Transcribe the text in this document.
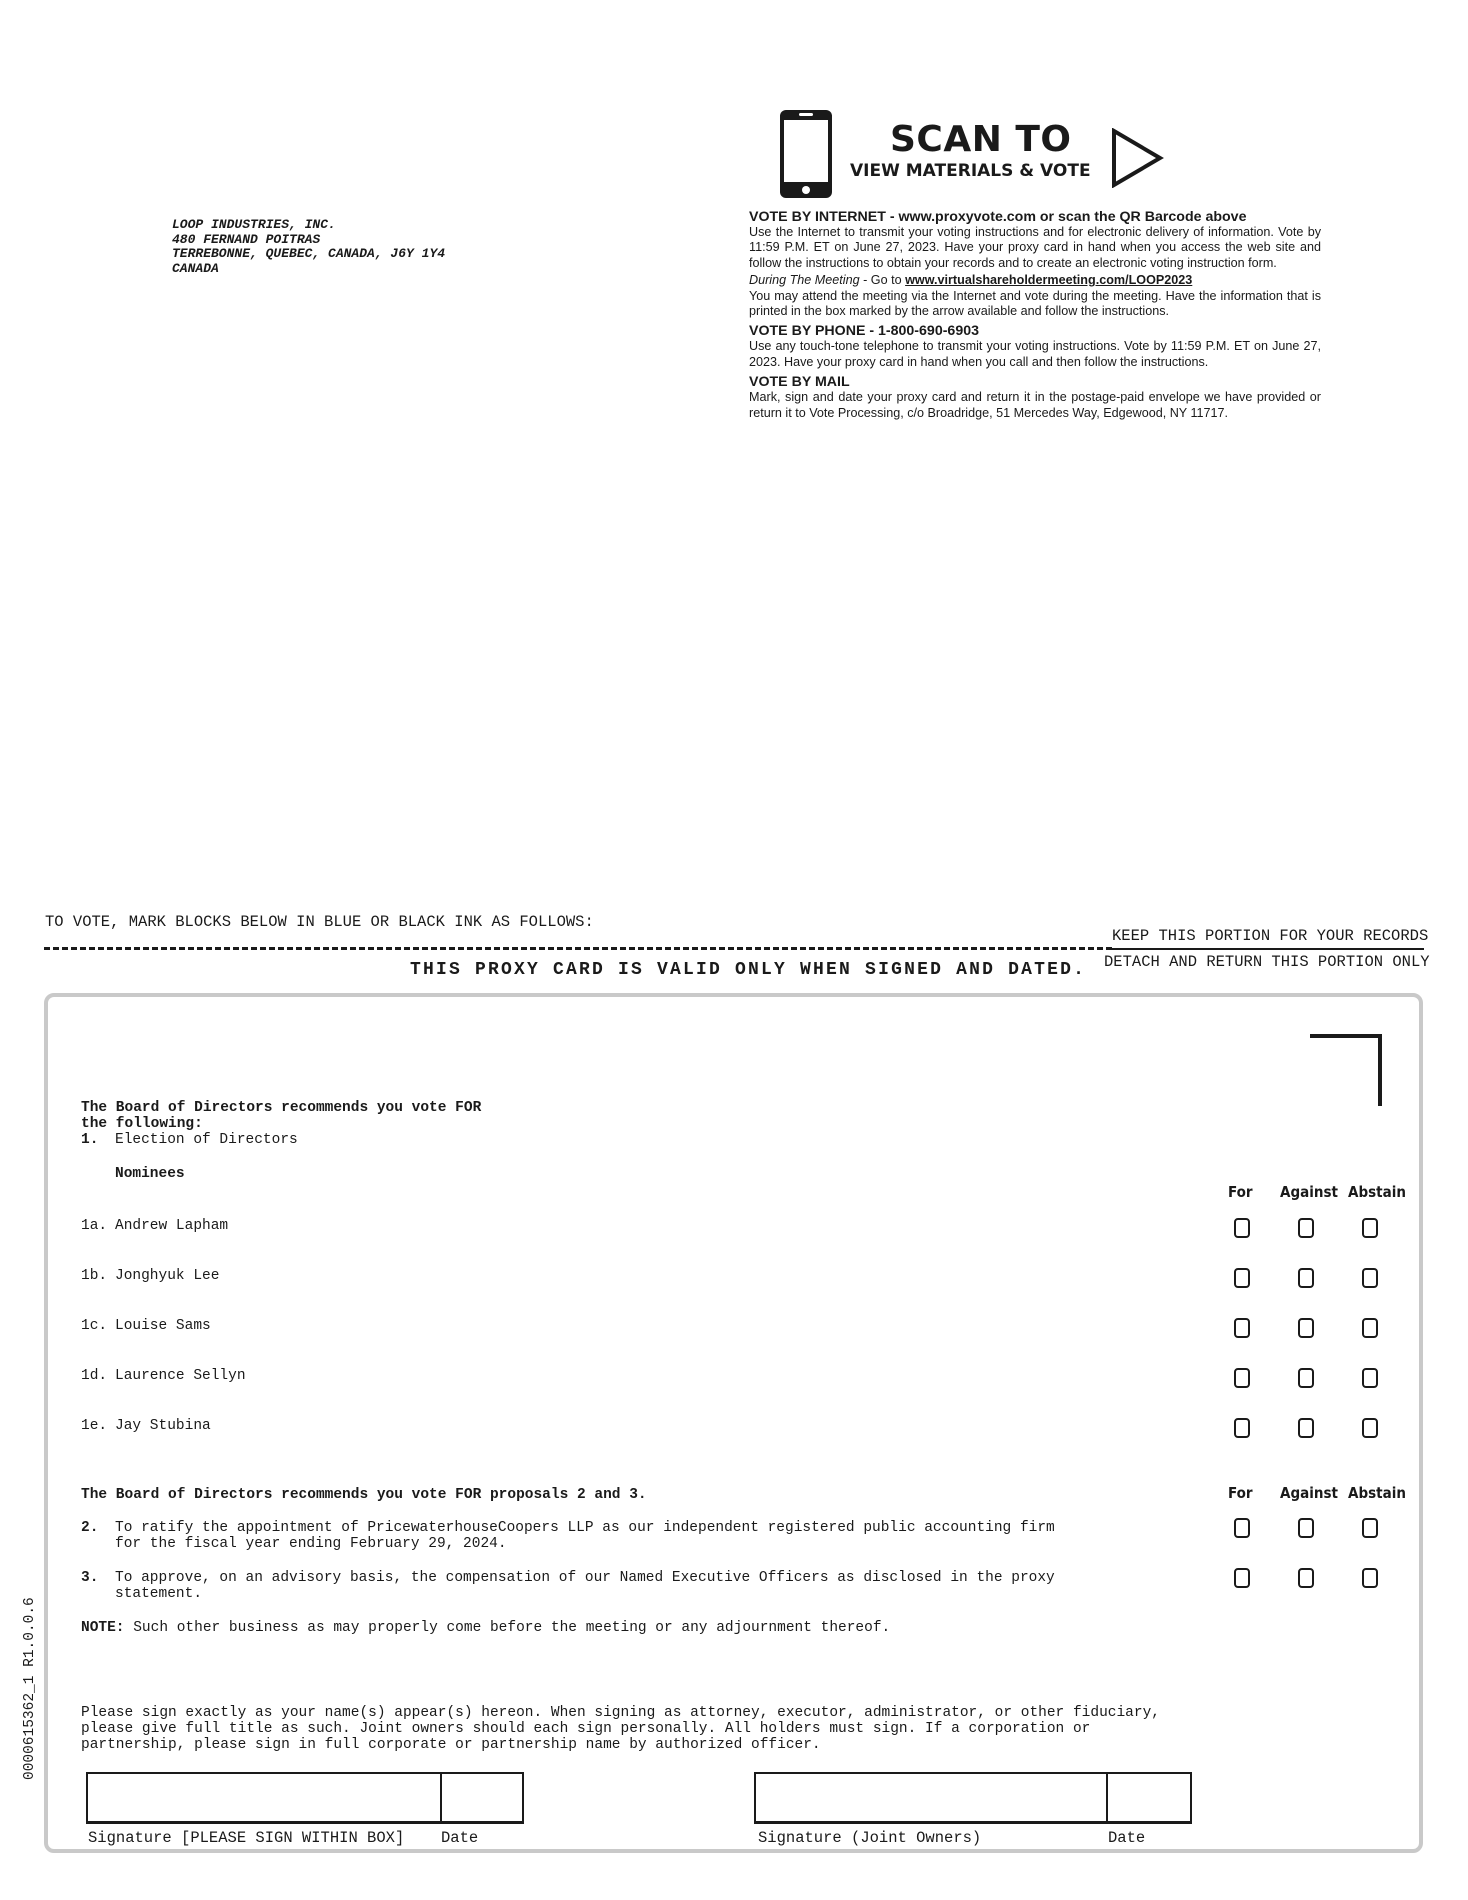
LOOP INDUSTRIES, INC.
480 FERNAND POITRAS
TERREBONNE, QUEBEC, CANADA, J6Y 1Y4
CANADA
SCAN TO
VIEW MATERIALS & VOTE
VOTE BY INTERNET - www.proxyvote.com or scan the QR Barcode above

Use the Internet to transmit your voting instructions and for electronic delivery of information. Vote by 11:59 P.M. ET on June 27, 2023. Have your proxy card in hand when you access the web site and follow the instructions to obtain your records and to create an electronic voting instruction form.

During The Meeting - Go to www.virtualshareholdermeeting.com/LOOP2023

You may attend the meeting via the Internet and vote during the meeting. Have the information that is printed in the box marked by the arrow available and follow the instructions.

VOTE BY PHONE - 1-800-690-6903

Use any touch-tone telephone to transmit your voting instructions. Vote by 11:59 P.M. ET on June 27, 2023. Have your proxy card in hand when you call and then follow the instructions.

VOTE BY MAIL

Mark, sign and date your proxy card and return it in the postage-paid envelope we have provided or return it to Vote Processing, c/o Broadridge, 51 Mercedes Way, Edgewood, NY 11717.

TO VOTE, MARK BLOCKS BELOW IN BLUE OR BLACK INK AS FOLLOWS:
KEEP THIS PORTION FOR YOUR RECORDS
DETACH AND RETURN THIS PORTION ONLY
THIS PROXY CARD IS VALID ONLY WHEN SIGNED AND DATED.
The Board of Directors recommends you vote FOR
the following:
1. Election of Directors
Nominees
For Against Abstain
1a. Andrew Lapham
1b. Jonghyuk Lee
1c. Louise Sams
1d. Laurence Sellyn
1e. Jay Stubina
The Board of Directors recommends you vote FOR proposals 2 and 3.	For Against Abstain
2. To ratify the appointment of PricewaterhouseCoopers LLP as our independent registered public accounting firm
for the fiscal year ending February 29, 2024.
3. To approve, on an advisory basis, the compensation of our Named Executive Officers as disclosed in the proxy
statement.
NOTE: Such other business as may properly come before the meeting or any adjournment thereof.
Please sign exactly as your name(s) appear(s) hereon. When signing as attorney, executor, administrator, or other fiduciary,
please give full title as such. Joint owners should each sign personally. All holders must sign. If a corporation or
partnership, please sign in full corporate or partnership name by authorized officer.
Signature [PLEASE SIGN WITHIN BOX] Date	Signature (Joint Owners)	Date
0000615362_1 R1.0.0.6
